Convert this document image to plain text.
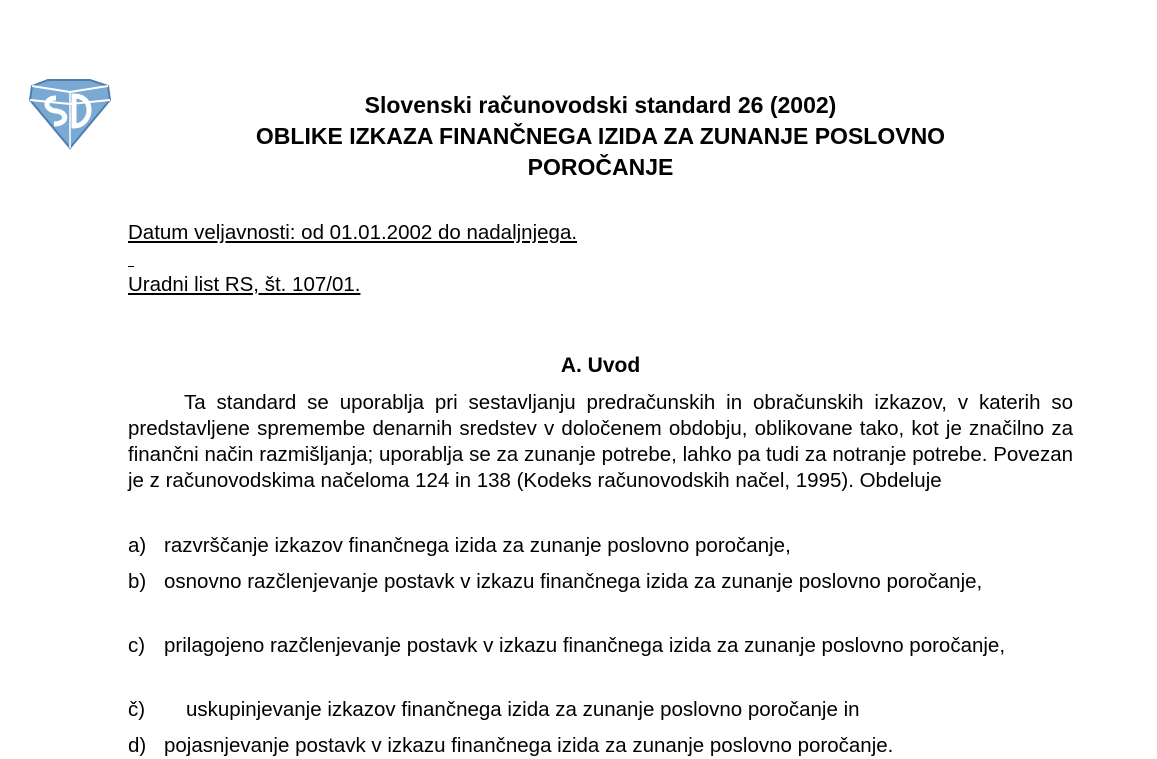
Slovenski računovodski standard 26 (2002)
OBLIKE IZKAZA FINANČNEGA IZIDA ZA ZUNANJE POSLOVNO
POROČANJE
Datum veljavnosti: od 01.01.2002 do nadaljnjega.
Uradni list RS, št. 107/01.
A. Uvod

Ta standard se uporablja pri sestavljanju predračunskih in obračunskih izkazov, v katerih so predstavljene spremembe denarnih sredstev v določenem obdobju, oblikovane tako, kot je značilno za finančni način razmišljanja; uporablja se za zunanje potrebe, lahko pa tudi za notranje potrebe. Povezan je z računovodskima načeloma 124 in 138 (Kodeks računovodskih načel, 1995). Obdeluje

a) razvrščanje izkazov finančnega izida za zunanje poslovno poročanje,
b) osnovno razčlenjevanje postavk v izkazu finančnega izida za zunanje poslovno poročanje,
c) prilagojeno razčlenjevanje postavk v izkazu finančnega izida za zunanje poslovno poročanje,
č) uskupinjevanje izkazov finančnega izida za zunanje poslovno poročanje in
d) pojasnjevanje postavk v izkazu finančnega izida za zunanje poslovno poročanje.
